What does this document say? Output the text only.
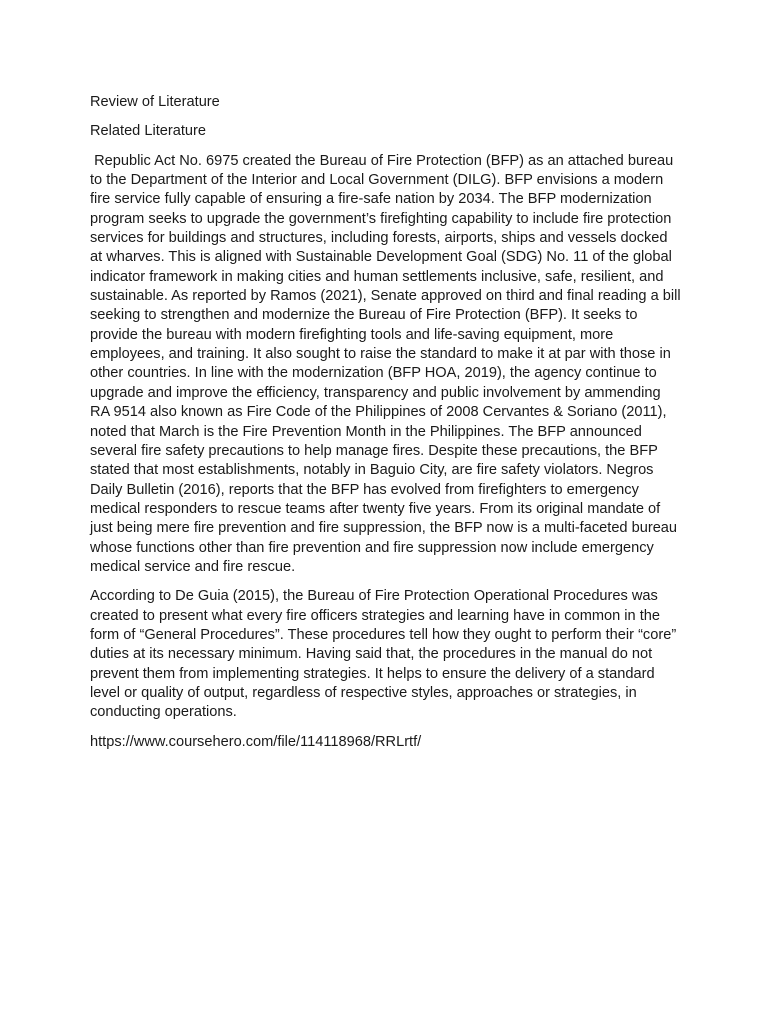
Review of Literature

Related Literature

Republic Act No. 6975 created the Bureau of Fire Protection (BFP) as an attached bureau to the Department of the Interior and Local Government (DILG). BFP envisions a modern fire service fully capable of ensuring a fire-safe nation by 2034. The BFP modernization program seeks to upgrade the government’s firefighting capability to include fire protection services for buildings and structures, including forests, airports, ships and vessels docked at wharves. This is aligned with Sustainable Development Goal (SDG) No. 11 of the global indicator framework in making cities and human settlements inclusive, safe, resilient, and sustainable. As reported by Ramos (2021), Senate approved on third and final reading a bill seeking to strengthen and modernize the Bureau of Fire Protection (BFP). It seeks to provide the bureau with modern firefighting tools and life-saving equipment, more employees, and training. It also sought to raise the standard to make it at par with those in other countries. In line with the modernization (BFP HOA, 2019), the agency continue to upgrade and improve the efficiency, transparency and public involvement by ammending RA 9514 also known as Fire Code of the Philippines of 2008 Cervantes & Soriano (2011), noted that March is the Fire Prevention Month in the Philippines. The BFP announced several fire safety precautions to help manage fires. Despite these precautions, the BFP stated that most establishments, notably in Baguio City, are fire safety violators. Negros Daily Bulletin (2016), reports that the BFP has evolved from firefighters to emergency medical responders to rescue teams after twenty five years. From its original mandate of just being mere fire prevention and fire suppression, the BFP now is a multi-faceted bureau whose functions other than fire prevention and fire suppression now include emergency medical service and fire rescue.

According to De Guia (2015), the Bureau of Fire Protection Operational Procedures was created to present what every fire officers strategies and learning have in common in the form of “General Procedures”. These procedures tell how they ought to perform their “core” duties at its necessary minimum. Having said that, the procedures in the manual do not prevent them from implementing strategies. It helps to ensure the delivery of a standard level or quality of output, regardless of respective styles, approaches or strategies, in conducting operations.

https://www.coursehero.com/file/114118968/RRLrtf/
